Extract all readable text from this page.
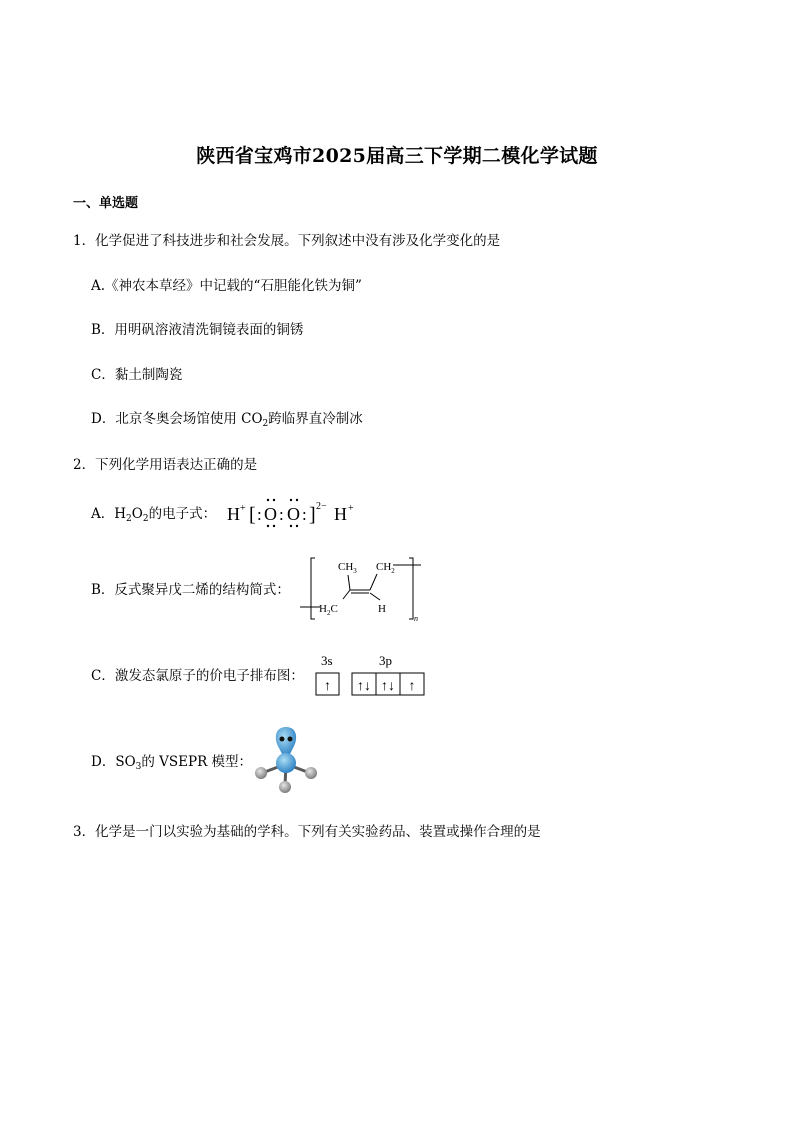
陕西省宝鸡市2025届高三下学期二模化学试题
一、单选题
1．化学促进了科技进步和社会发展。下列叙述中没有涉及化学变化的是
A.《神农本草经》中记载的“石胆能化铁为铜”
B．用明矾溶液清洗铜镜表面的铜锈
C．黏土制陶瓷
D．北京冬奥会场馆使用 $CO_2$跨临界直冷制冰
2．下列化学用语表达正确的是
A．$H_2O_2$的电子式： H + [ : O : O : ] 2− H +
B．反式聚异戊二烯的结构简式：
$CH_3$ $CH_2$
$H_2C$	H
n
C．激发态氯原子的价电子排布图：
3s	3p
↑ ↑↓ ↑↓ ↑
D．$SO_3$的 VSEPR 模型：
3．化学是一门以实验为基础的学科。下列有关实验药品、装置或操作合理的是
